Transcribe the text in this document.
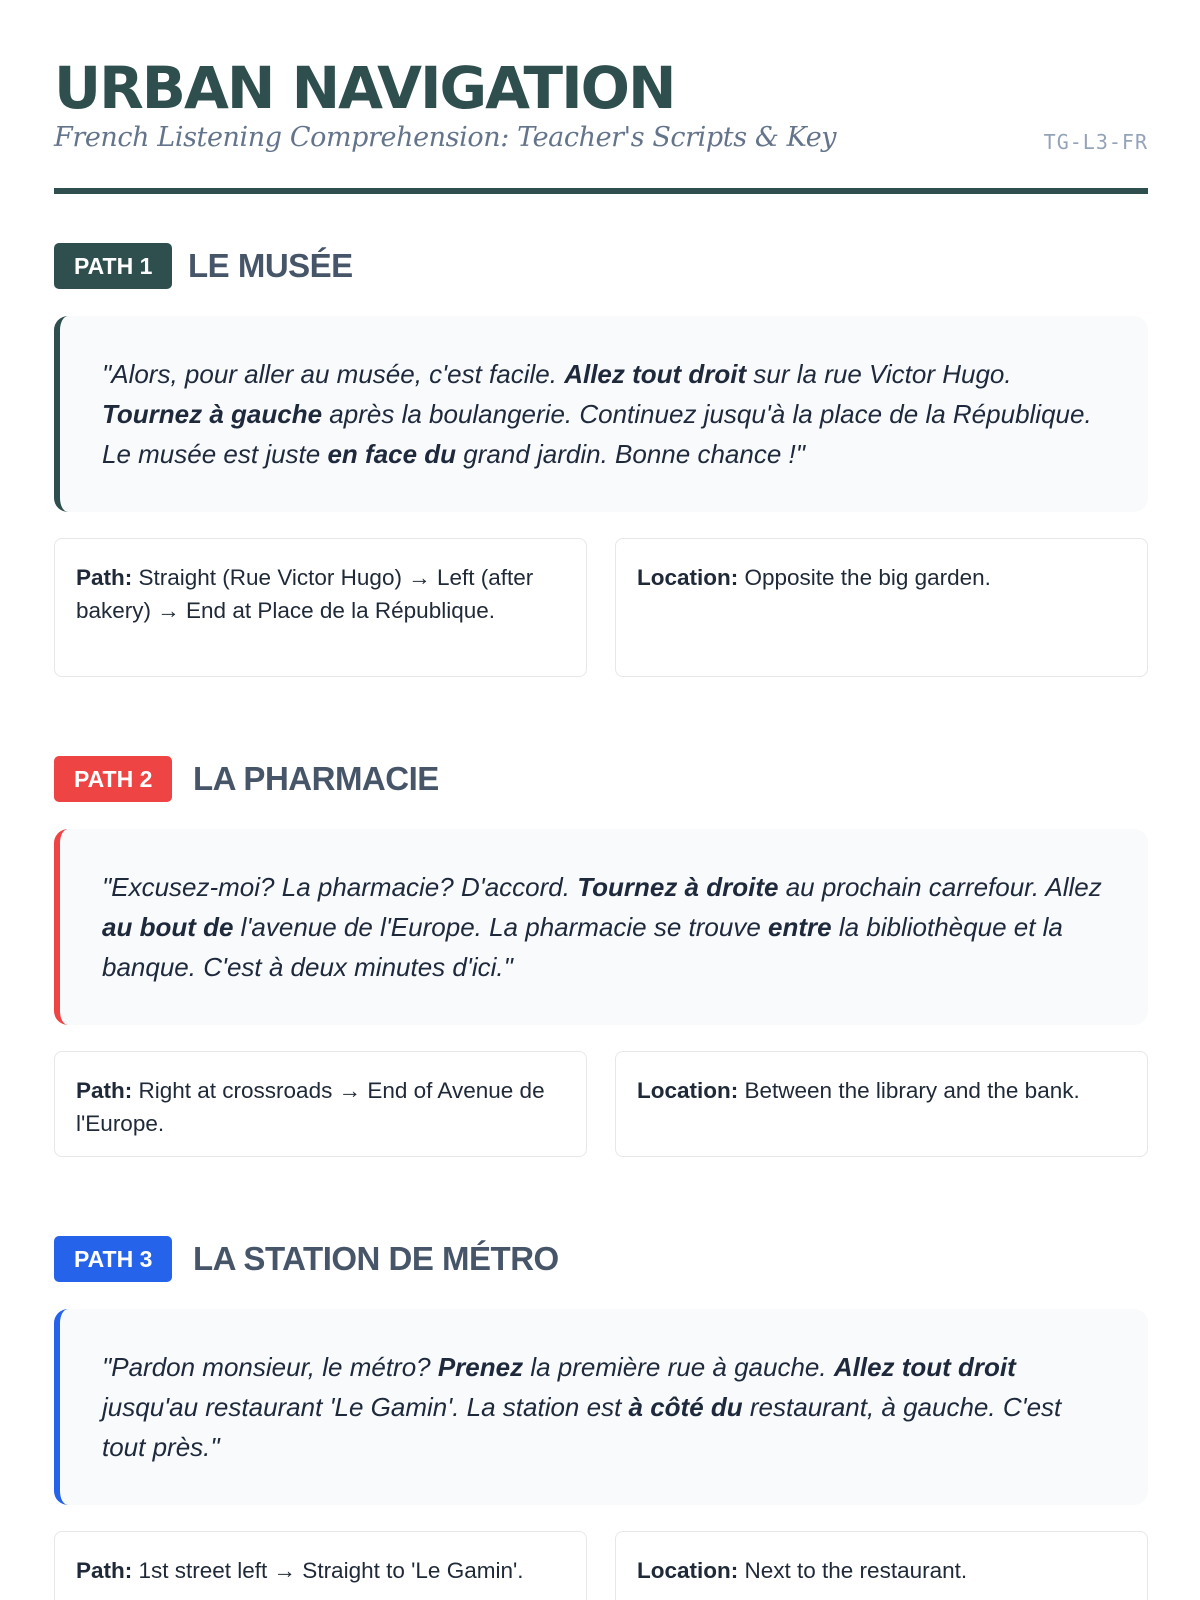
URBAN NAVIGATION
French Listening Comprehension: Teacher's Scripts & Key	TG-L3-FR
PATH 1	LE MUSÉE

"Alors, pour aller au musée, c'est facile. Allez tout droit sur la rue Victor Hugo. Tournez à gauche après la boulangerie. Continuez jusqu'à la place de la République. Le musée est juste en face du grand jardin. Bonne chance !"

Path: Straight (Rue Victor Hugo) → Left (after bakery) → End at Place de la République.
Location: Opposite the big garden.
PATH 2	LA PHARMACIE

"Excusez-moi? La pharmacie? D'accord. Tournez à droite au prochain carrefour. Allez au bout de l'avenue de l'Europe. La pharmacie se trouve entre la bibliothèque et la banque. C'est à deux minutes d'ici."

Path: Right at crossroads → End of Avenue de l'Europe.
Location: Between the library and the bank.
PATH 3	LA STATION DE MÉTRO

"Pardon monsieur, le métro? Prenez la première rue à gauche. Allez tout droit jusqu'au restaurant 'Le Gamin'. La station est à côté du restaurant, à gauche. C'est tout près."

Path: 1st street left → Straight to 'Le Gamin'.	Location: Next to the restaurant.
